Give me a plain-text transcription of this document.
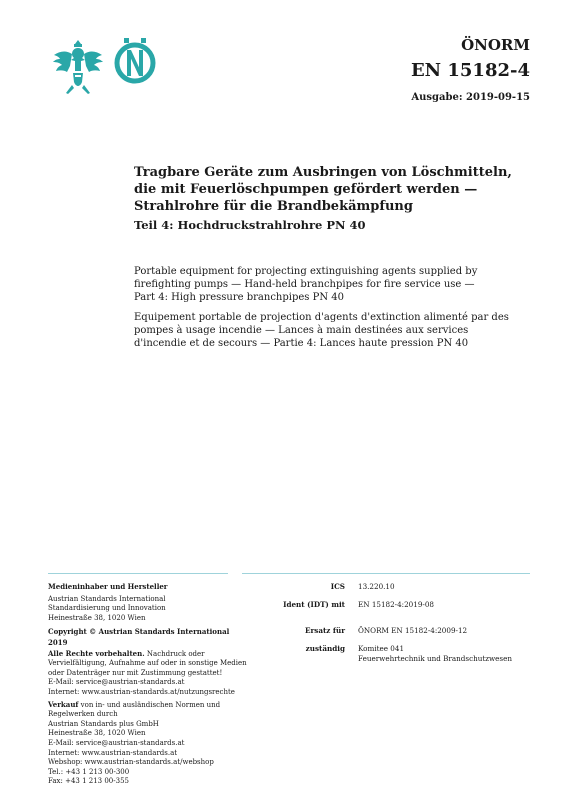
ÖNORM
EN 15182-4
Ausgabe: 2019-09-15

Tragbare Geräte zum Ausbringen von Löschmitteln, die mit Feuerlöschpumpen gefördert werden — Strahlrohre für die Brandbekämpfung

Teil 4: Hochdruckstrahlrohre PN 40

Portable equipment for projecting extinguishing agents supplied by

firefighting pumps — Hand-held branchpipes for fire service use —

Part 4: High pressure branchpipes PN 40

Equipement portable de projection d'agents d'extinction alimenté par des

pompes à usage incendie — Lances à main destinées aux services

d'incendie et de secours — Partie 4: Lances haute pression PN 40

Medieninhaber und Hersteller

Austrian Standards International

Standardisierung und Innovation

Heinestraße 38, 1020 Wien

Copyright © Austrian Standards International 2019

Alle Rechte vorbehalten. Nachdruck oder Vervielfältigung, Aufnahme auf oder in sonstige Medien oder Datenträger nur mit Zustimmung gestattet!

E-Mail: service@austrian-standards.at

Internet: www.austrian-standards.at/nutzungsrechte

Verkauf von in- und ausländischen Normen und Regelwerken durch

Austrian Standards plus GmbH

Heinestraße 38, 1020 Wien

E-Mail: service@austrian-standards.at

Internet: www.austrian-standards.at

Webshop: www.austrian-standards.at/webshop

Tel.: +43 1 213 00-300

Fax: +43 1 213 00-355

ICS 13.220.10
Ident (IDT) mit EN 15182-4:2019-08
Ersatz für ÖNORM EN 15182-4:2009-12
zuständig Komitee 041
Feuerwehrtechnik und Brandschutzwesen
